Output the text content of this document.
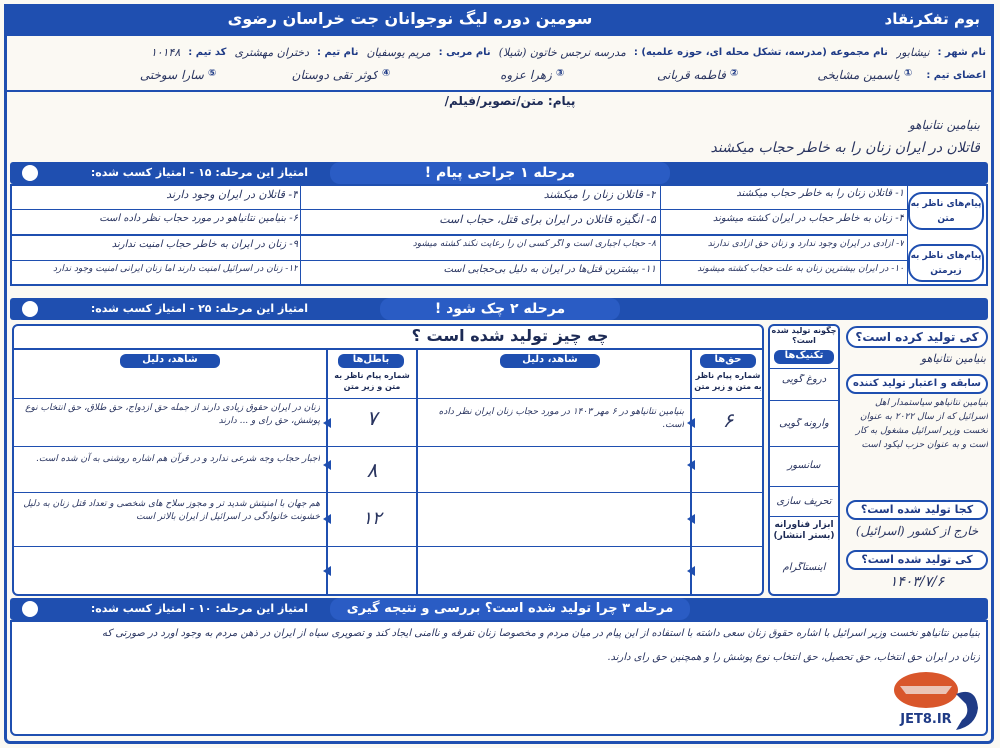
بوم تفکرنقاد
سومین دوره لیگ نوجوانان جت خراسان رضوی
نام شهر :
نیشابور
نام مجموعه (مدرسه، تشکل محله ای، حوزه علمیه) :
مدرسه نرجس خاتون (شیلا)
نام مربی :
مریم یوسفیان
نام تیم :
دختران مهشتری
کد تیم :
۱۰۱۴۸
اعضای تیم :
①
یاسمین مشایخی
②
فاطمه قربانی
③
زهرا عزوه
④
کوثر تقی دوستان
⑤
سارا سوختی
پیام: متن/تصویر/فیلم/
بنیامین نتانیاهو
قاتلان در ایران زنان را به خاطر حجاب میکشند
مرحله ۱ جراحی پیام !
امتیاز این مرحله: ۱۵ - امتیاز کسب شده:
پیام‌های ناظر به متن
پیام‌های ناظر به زیرمتن
۱- قاتلان زنان را به خاطر حجاب میکشند
۲- قاتلان زنان را میکشند
۳- قاتلان در ایران وجود دارند
۴- زنان به خاطر حجاب در ایران کشته میشوند
۵- انگیزه قاتلان در ایران برای قتل، حجاب است
۶- بنیامین نتانیاهو در مورد حجاب نظر داده است
۷- آزادی در ایران وجود ندارد و زنان حق آزادی ندارند
۸- حجاب اجباری است و اگر کسی آن را رعایت نکند کشته میشود
۹- زنان در ایران به خاطر حجاب امنیت ندارند
۱۰- در ایران بیشترین زنان به علت حجاب کشته میشوند
۱۱- بیشترین قتل‌ها در ایران به دلیل بی‌حجابی است
۱۲- زنان در اسرائیل امنیت دارند اما زنان ایرانی امنیت وجود ندارد
مرحله ۲ چک شود !
امتیاز این مرحله: ۲۵ - امتیاز کسب شده:
چه چیز تولید شده است ؟
حق‌ها
شماره پیام ناظر به متن و زیر متن
شاهد، دلیل
باطل‌ها
شماره پیام ناظر به متن و زیر متن
شاهد، دلیل
۶
بنیامین نتانیاهو در ۶ مهر ۱۴۰۳ در مورد حجاب زنان ایران نظر داده است.
۷
زنان در ایران حقوق زیادی دارند از جمله حق ازدواج، حق طلاق، حق انتخاب نوع پوشش، حق رای و ... دارند
۸
اجبار حجاب وجه شرعی ندارد و در قرآن هم اشاره روشنی به آن شده است.
۱۲
هم جهان با امنیتش شدید تر و مجوز سلاح های شخصی و تعداد قتل زنان به دلیل خشونت خانوادگی در اسرائیل از ایران بالاتر است
چگونه تولید شده است؟
تکنیک‌ها
دروغ گویی
وارونه گویی
سانسور
تحریف سازی
ابزار فناورانه (بستر انتشار)
اینستاگرام
کی تولید کرده است؟
بنیامین نتانیاهو
سابقه و اعتبار تولید کننده
بنیامین نتانیاهو سیاستمدار اهل اسرائیل که از سال ۲۰۲۲ به عنوان نخست وزیر اسرائیل مشغول به کار است و به عنوان حزب لیکود است
کجا تولید شده است؟
خارج از کشور (اسرائیل)
کی تولید شده است؟
۱۴۰۳/۷/۶
مرحله ۳ چرا تولید شده است؟ بررسی و نتیجه گیری
امتیاز این مرحله: ۱۰ - امتیاز کسب شده:
بنیامین نتانیاهو نخست وزیر اسرائیل با اشاره حقوق زنان سعی داشته با استفاده از این پیام در میان مردم و مخصوصاً زنان تفرقه و ناامنی ایجاد کند و تصویری سیاه از ایران در ذهن مردم به وجود آورد در صورتی که
زنان در ایران حق انتخاب، حق تحصیل، حق انتخاب نوع پوشش را و همچنین حق رای دارند.
JET8.IR
